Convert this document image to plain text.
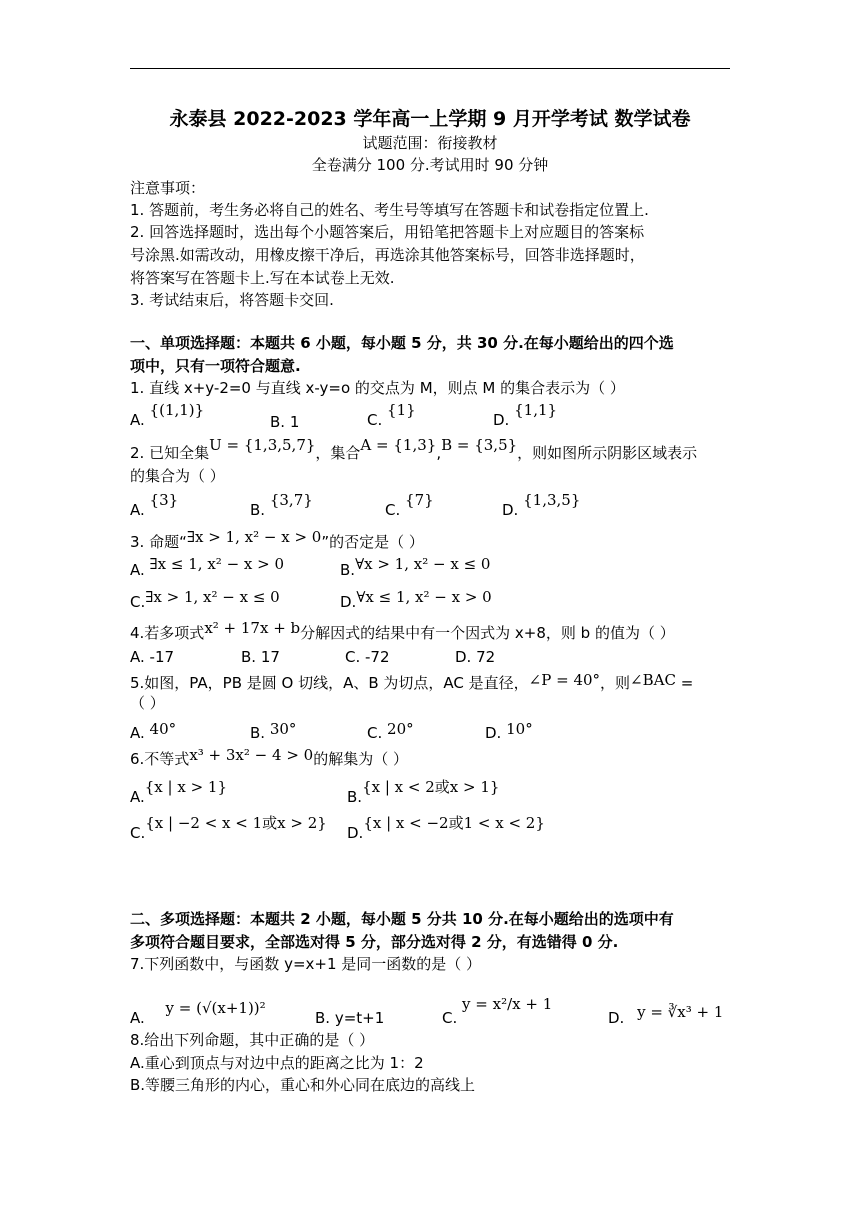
永泰县 2022-2023 学年高一上学期 9 月开学考试 数学试卷
试题范围：衔接教材
全卷满分 100 分.考试用时 90 分钟
注意事项：
1. 答题前，考生务必将自己的姓名、考生号等填写在答题卡和试卷指定位置上.
2. 回答选择题时，选出每个小题答案后，用铅笔把答题卡上对应题目的答案标
号涂黑.如需改动，用橡皮擦干净后，再选涂其他答案标号，回答非选择题时，
将答案写在答题卡上.写在本试卷上无效.
3. 考试结束后，将答题卡交回.
一、单项选择题：本题共 6 小题，每小题 5 分，共 30 分.在每小题给出的四个选
项中，只有一项符合题意.
1. 直线 x+y-2=0 与直线 x-y=o 的交点为 M，则点 M 的集合表示为（ ）
A. {(1,1)}
B. 1	C. {1}
D. {1,1}
2. 已知全集U = {1,3,5,7}，集合A = {1,3},B = {3,5}，则如图所示阴影区域表示
的集合为（ ）
A. {3}
B. {3,7}
C. {7}
D. {1,3,5}
3. 命题“∃x > 1, x² − x > 0”的否定是（ ）
A. ∃x ≤ 1, x² − x > 0	B.∀x > 1, x² − x ≤ 0
C.∃x > 1, x² − x ≤ 0	D.∀x ≤ 1, x² − x > 0
4.若多项式x² + 17x + b分解因式的结果中有一个因式为 x+8，则 b 的值为（ ）
A. -17	B. 17	C. -72	D. 72
5.如图，PA，PB 是圆 O 切线，A、B 为切点，AC 是直径，∠P = 40°，则∠BAC =
（ ）
A. 40°	B. 30°	C. 20°	D. 10°
6.不等式x³ + 3x² − 4 > 0的解集为（ ）
A.{x | x > 1}
B.{x | x < 2或x > 1}
C.{x | −2 < x < 1或x > 2}
D.{x | x < −2或1 < x < 2}
二、多项选择题：本题共 2 小题，每小题 5 分共 10 分.在每小题给出的选项中有
多项符合题目要求，全部选对得 5 分，部分选对得 2 分，有选错得 0 分.
7.下列函数中，与函数 y=x+1 是同一函数的是（ ）
A. y = (√(x+1))²
B. y=t+1	C. y = x²/x + 1
D. y = ∛x³ + 1
8.给出下列命题，其中正确的是（ ）
A.重心到顶点与对边中点的距离之比为 1：2
B.等腰三角形的内心，重心和外心同在底边的高线上
